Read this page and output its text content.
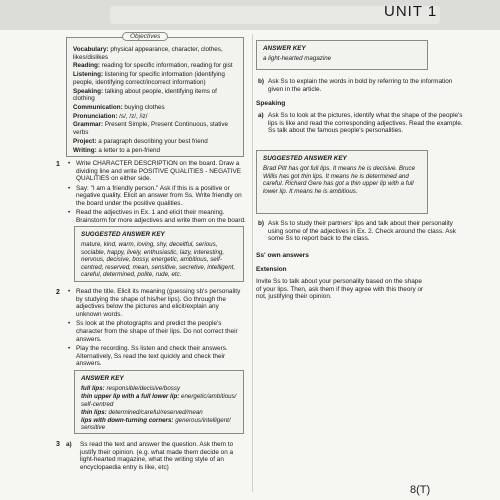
UNIT 1
Objectives

Vocabulary: physical appearance, character, clothes, likes/dislikes

Reading: reading for specific information, reading for gist

Listening: listening for specific information (identifying people, identifying correct/incorrect information)

Speaking: talking about people, identifying items of clothing

Communication: buying clothes

Pronunciation: /s/, /z/, /iz/

Grammar: Present Simple, Present Continuous, stative verbs

Project: a paragraph describing your best friend

Writing: a letter to a pen-friend

1	• Write CHARACTER DESCRIPTION on the board. Draw a dividing line and write POSITIVE QUALITIES - NEGATIVE QUALITIES on either side.
• Say: "I am a friendly person." Ask if this is a positive or negative quality. Elicit an answer from Ss. Write friendly on the board under the positive qualities.
• Read the adjectives in Ex. 1 and elicit their meaning. Brainstorm for more adjectives and write them on the board.
SUGGESTED ANSWER KEY
mature, kind, warm, loving, shy, deceitful, serious, sociable, happy, lively, enthusiastic, lazy, interesting, nervous, decisive, bossy, energetic, ambitious, self-centred, reserved, mean, sensitive, secretive, intelligent, careful, determined, polite, rude, etc.
2	• Read the title. Elicit its meaning (guessing sb's personality by studying the shape of his/her lips). Go through the adjectives below the pictures and elicit/explain any unknown words.
• Ss look at the photographs and predict the people's character from the shape of their lips. Do not correct their answers.
• Play the recording. Ss listen and check their answers. Alternatively, Ss read the text quickly and check their answers.
ANSWER KEY
full lips: responsible/decisive/bossy
thin upper lip with a full lower lip: energetic/ambitious/ self-centred
thin lips: determined/careful/reserved/mean
lips with down-turning corners: generous/intelligent/ sensitive
3 a) Ss read the text and answer the question. Ask them to justify their opinion. (e.g. what made them decide on a light-hearted magazine, what the writing style of an encyclopaedia entry is like, etc)
ANSWER KEY
a light-hearted magazine
b) Ask Ss to explain the words in bold by referring to the information given in the article.
Speaking
a) Ask Ss to look at the pictures, identify what the shape of the people's lips is like and read the corresponding adjectives. Read the example. Ss talk about the famous people's personalities.
SUGGESTED ANSWER KEY
Brad Pitt has got full lips. It means he is decisive. Bruce Willis has got thin lips. It means he is determined and careful. Richard Gere has got a thin upper lip with a full lower lip. It means he is ambitious.
b) Ask Ss to study their partners' lips and talk about their personality using some of the adjectives in Ex. 2. Check around the class. Ask some Ss to report back to the class.
Ss' own answers
Extension
Invite Ss to talk about your personality based on the shape of your lips. Then, ask them if they agree with this theory or not, justifying their opinion.
8(T)
